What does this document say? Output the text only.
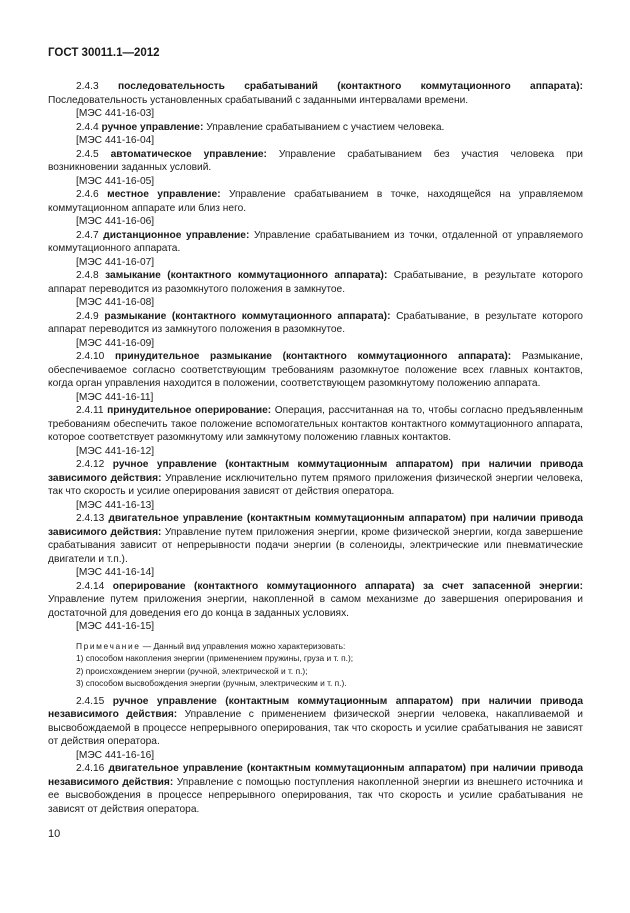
ГОСТ 30011.1—2012

2.4.3 последовательность срабатываний (контактного коммутационного аппарата): Последовательность установленных срабатываний с заданными интервалами времени.

[МЭС 441-16-03]

2.4.4 ручное управление: Управление срабатыванием с участием человека.

[МЭС 441-16-04]

2.4.5 автоматическое управление: Управление срабатыванием без участия человека при возникновении заданных условий.

[МЭС 441-16-05]

2.4.6 местное управление: Управление срабатыванием в точке, находящейся на управляемом коммутационном аппарате или близ него.

[МЭС 441-16-06]

2.4.7 дистанционное управление: Управление срабатыванием из точки, отдаленной от управляемого коммутационного аппарата.

[МЭС 441-16-07]

2.4.8 замыкание (контактного коммутационного аппарата): Срабатывание, в результате которого аппарат переводится из разомкнутого положения в замкнутое.

[МЭС 441-16-08]

2.4.9 размыкание (контактного коммутационного аппарата): Срабатывание, в результате которого аппарат переводится из замкнутого положения в разомкнутое.

[МЭС 441-16-09]

2.4.10 принудительное размыкание (контактного коммутационного аппарата): Размыкание, обеспечиваемое согласно соответствующим требованиям разомкнутое положение всех главных контактов, когда орган управления находится в положении, соответствующем разомкнутому положению аппарата.

[МЭС 441-16-11]

2.4.11 принудительное оперирование: Операция, рассчитанная на то, чтобы согласно предъявленным требованиям обеспечить такое положение вспомогательных контактов контактного коммутационного аппарата, которое соответствует разомкнутому или замкнутому положению главных контактов.

[МЭС 441-16-12]

2.4.12 ручное управление (контактным коммутационным аппаратом) при наличии привода зависимого действия: Управление исключительно путем прямого приложения физической энергии человека, так что скорость и усилие оперирования зависят от действия оператора.

[МЭС 441-16-13]

2.4.13 двигательное управление (контактным коммутационным аппаратом) при наличии привода зависимого действия: Управление путем приложения энергии, кроме физической энергии, когда завершение срабатывания зависит от непрерывности подачи энергии (в соленоиды, электрические или пневматические двигатели и т.п.).

[МЭС 441-16-14]

2.4.14 оперирование (контактного коммутационного аппарата) за счет запасенной энергии: Управление путем приложения энергии, накопленной в самом механизме до завершения оперирования и достаточной для доведения его до конца в заданных условиях.

[МЭС 441-16-15]

Примечание — Данный вид управления можно характеризовать:

1) способом накопления энергии (применением пружины, груза и т. п.);

2) происхождением энергии (ручной, электрической и т. п.);

3) способом высвобождения энергии (ручным, электрическим и т. п.).

2.4.15 ручное управление (контактным коммутационным аппаратом) при наличии привода независимого действия: Управление с применением физической энергии человека, накапливаемой и высвобождаемой в процессе непрерывного оперирования, так что скорость и усилие срабатывания не зависят от действия оператора.

[МЭС 441-16-16]

2.4.16 двигательное управление (контактным коммутационным аппаратом) при наличии привода независимого действия: Управление с помощью поступления накопленной энергии из внешнего источника и ее высвобождения в процессе непрерывного оперирования, так что скорость и усилие срабатывания не зависят от действия оператора.

10
